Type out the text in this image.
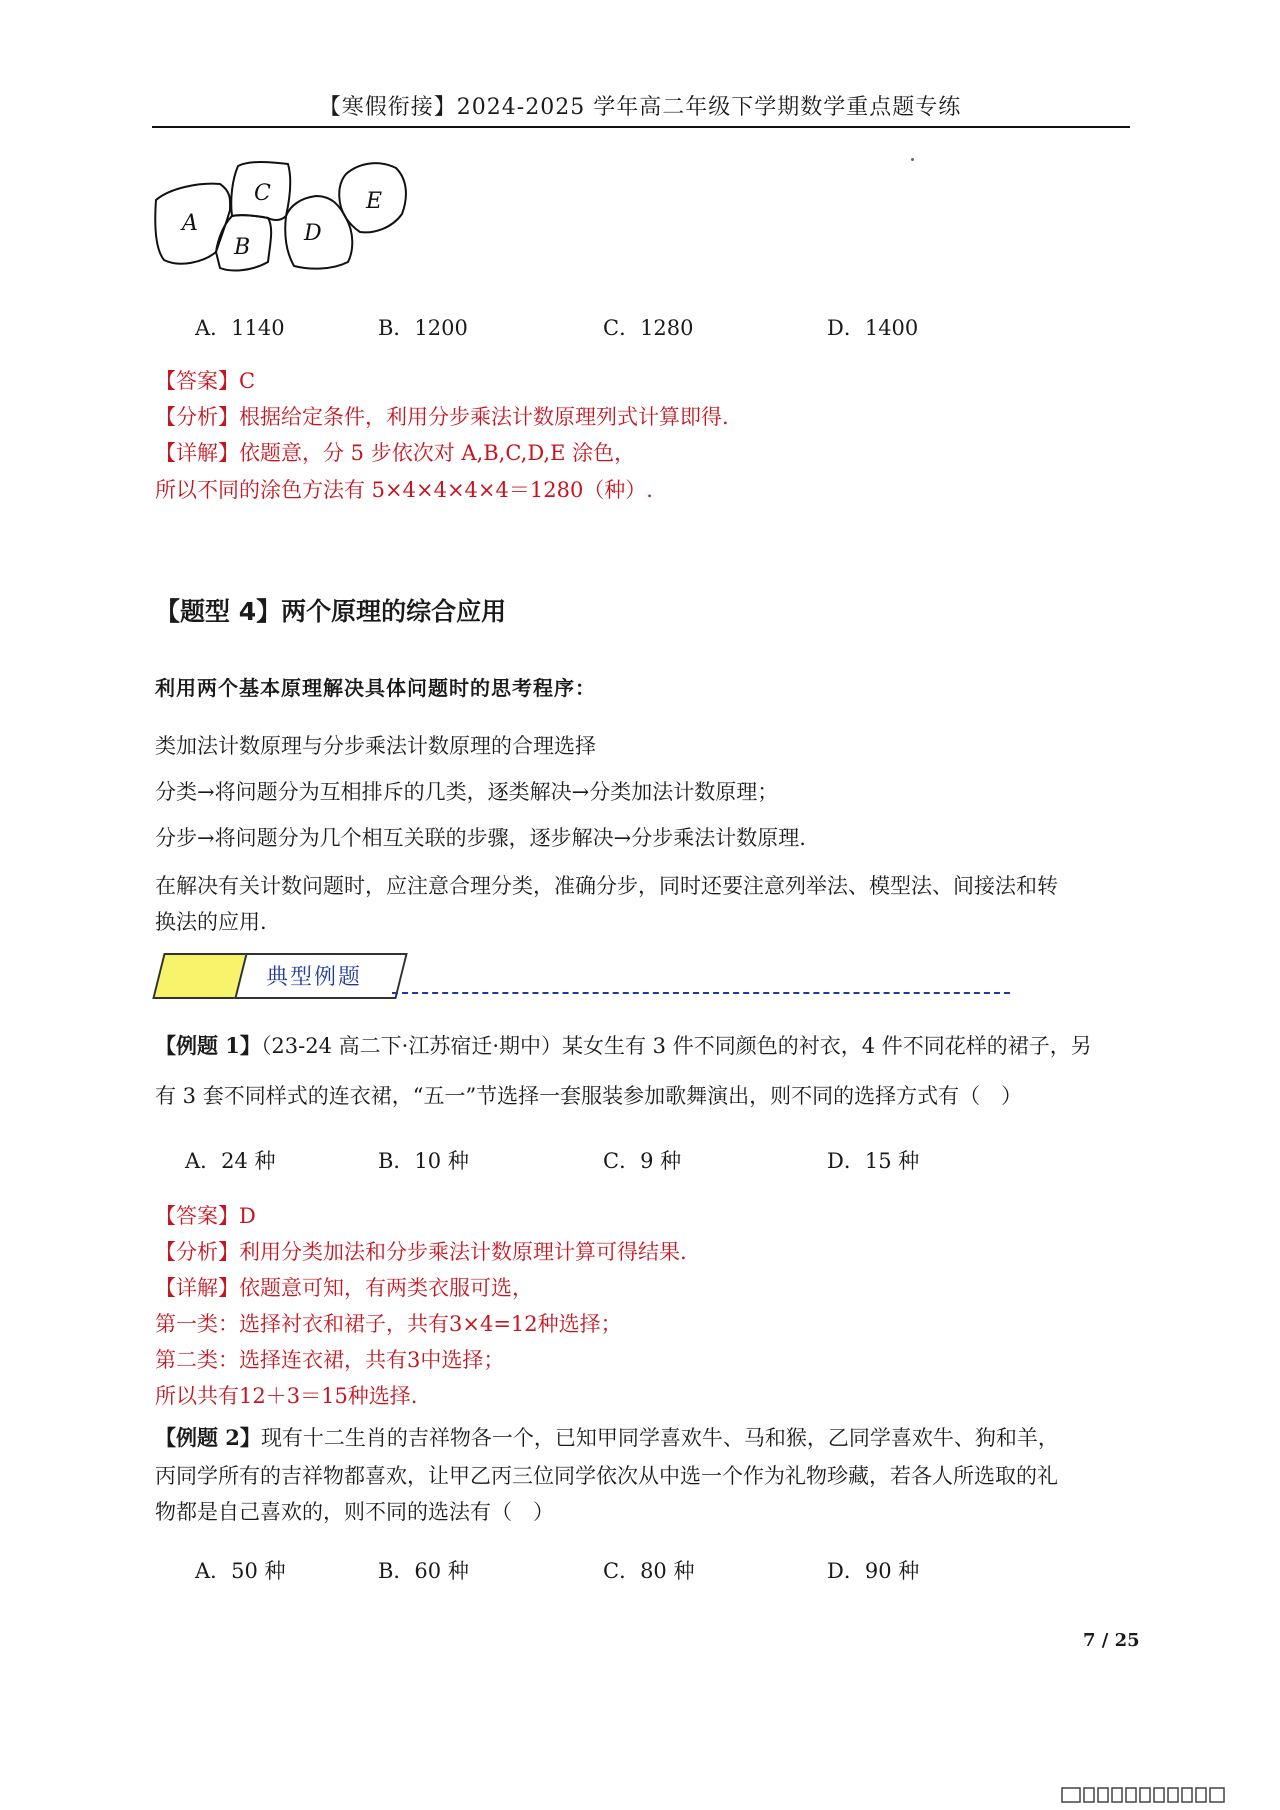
【寒假衔接】2024-2025 学年高二年级下学期数学重点题专练
A
B
C
D
E
A．1140	B．1200	C．1280	D．1400
【答案】C
【分析】根据给定条件，利用分步乘法计数原理列式计算即得.
【详解】依题意，分 5 步依次对 A,B,C,D,E 涂色，
所以不同的涂色方法有 5×4×4×4×4＝1280（种）.
【题型 4】两个原理的综合应用
利用两个基本原理解决具体问题时的思考程序：
类加法计数原理与分步乘法计数原理的合理选择
分类→将问题分为互相排斥的几类，逐类解决→分类加法计数原理；
分步→将问题分为几个相互关联的步骤，逐步解决→分步乘法计数原理.
在解决有关计数问题时，应注意合理分类，准确分步，同时还要注意列举法、模型法、间接法和转
换法的应用.
典型例题
【例题 1】（23-24 高二下·江苏宿迁·期中）某女生有 3 件不同颜色的衬衣，4 件不同花样的裙子，另
有 3 套不同样式的连衣裙，“五一”节选择一套服装参加歌舞演出，则不同的选择方式有（　）
A．24 种	B．10 种	C．9 种	D．15 种
【答案】D
【分析】利用分类加法和分步乘法计数原理计算可得结果.
【详解】依题意可知，有两类衣服可选，
第一类：选择衬衣和裙子，共有3×4=12种选择；
第二类：选择连衣裙，共有3中选择；
所以共有12＋3＝15种选择.
【例题 2】现有十二生肖的吉祥物各一个，已知甲同学喜欢牛、马和猴，乙同学喜欢牛、狗和羊，
丙同学所有的吉祥物都喜欢，让甲乙丙三位同学依次从中选一个作为礼物珍藏，若各人所选取的礼
物都是自己喜欢的，则不同的选法有（　）
A．50 种	B．60 种	C．80 种	D．90 种
7 / 25
